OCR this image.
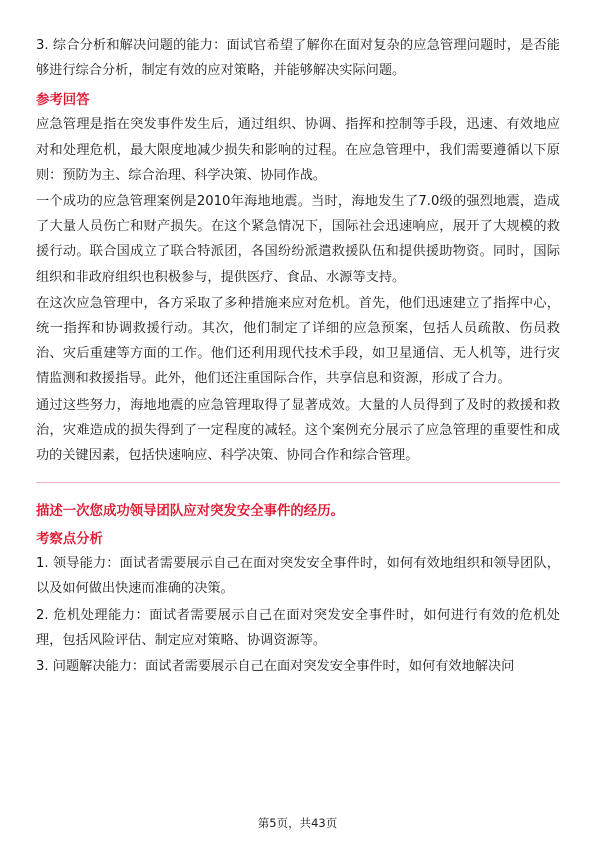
3. 综合分析和解决问题的能力：面试官希望了解你在面对复杂的应急管理问题时，是否能够进行综合分析，制定有效的应对策略，并能够解决实际问题。

参考回答

应急管理是指在突发事件发生后，通过组织、协调、指挥和控制等手段，迅速、有效地应对和处理危机，最大限度地减少损失和影响的过程。在应急管理中，我们需要遵循以下原则：预防为主、综合治理、科学决策、协同作战。

一个成功的应急管理案例是2010年海地地震。当时，海地发生了7.0级的强烈地震，造成了大量人员伤亡和财产损失。在这个紧急情况下，国际社会迅速响应，展开了大规模的救援行动。联合国成立了联合特派团，各国纷纷派遣救援队伍和提供援助物资。同时，国际组织和非政府组织也积极参与，提供医疗、食品、水源等支持。

在这次应急管理中，各方采取了多种措施来应对危机。首先，他们迅速建立了指挥中心，统一指挥和协调救援行动。其次，他们制定了详细的应急预案，包括人员疏散、伤员救治、灾后重建等方面的工作。他们还利用现代技术手段，如卫星通信、无人机等，进行灾情监测和救援指导。此外，他们还注重国际合作，共享信息和资源，形成了合力。

通过这些努力，海地地震的应急管理取得了显著成效。大量的人员得到了及时的救援和救治，灾难造成的损失得到了一定程度的减轻。这个案例充分展示了应急管理的重要性和成功的关键因素，包括快速响应、科学决策、协同合作和综合管理。

描述一次您成功领导团队应对突发安全事件的经历。
考察点分析

1. 领导能力：面试者需要展示自己在面对突发安全事件时，如何有效地组织和领导团队，以及如何做出快速而准确的决策。

2. 危机处理能力：面试者需要展示自己在面对突发安全事件时，如何进行有效的危机处理，包括风险评估、制定应对策略、协调资源等。

3. 问题解决能力：面试者需要展示自己在面对突发安全事件时，如何有效地解决问

第5页，共43页
